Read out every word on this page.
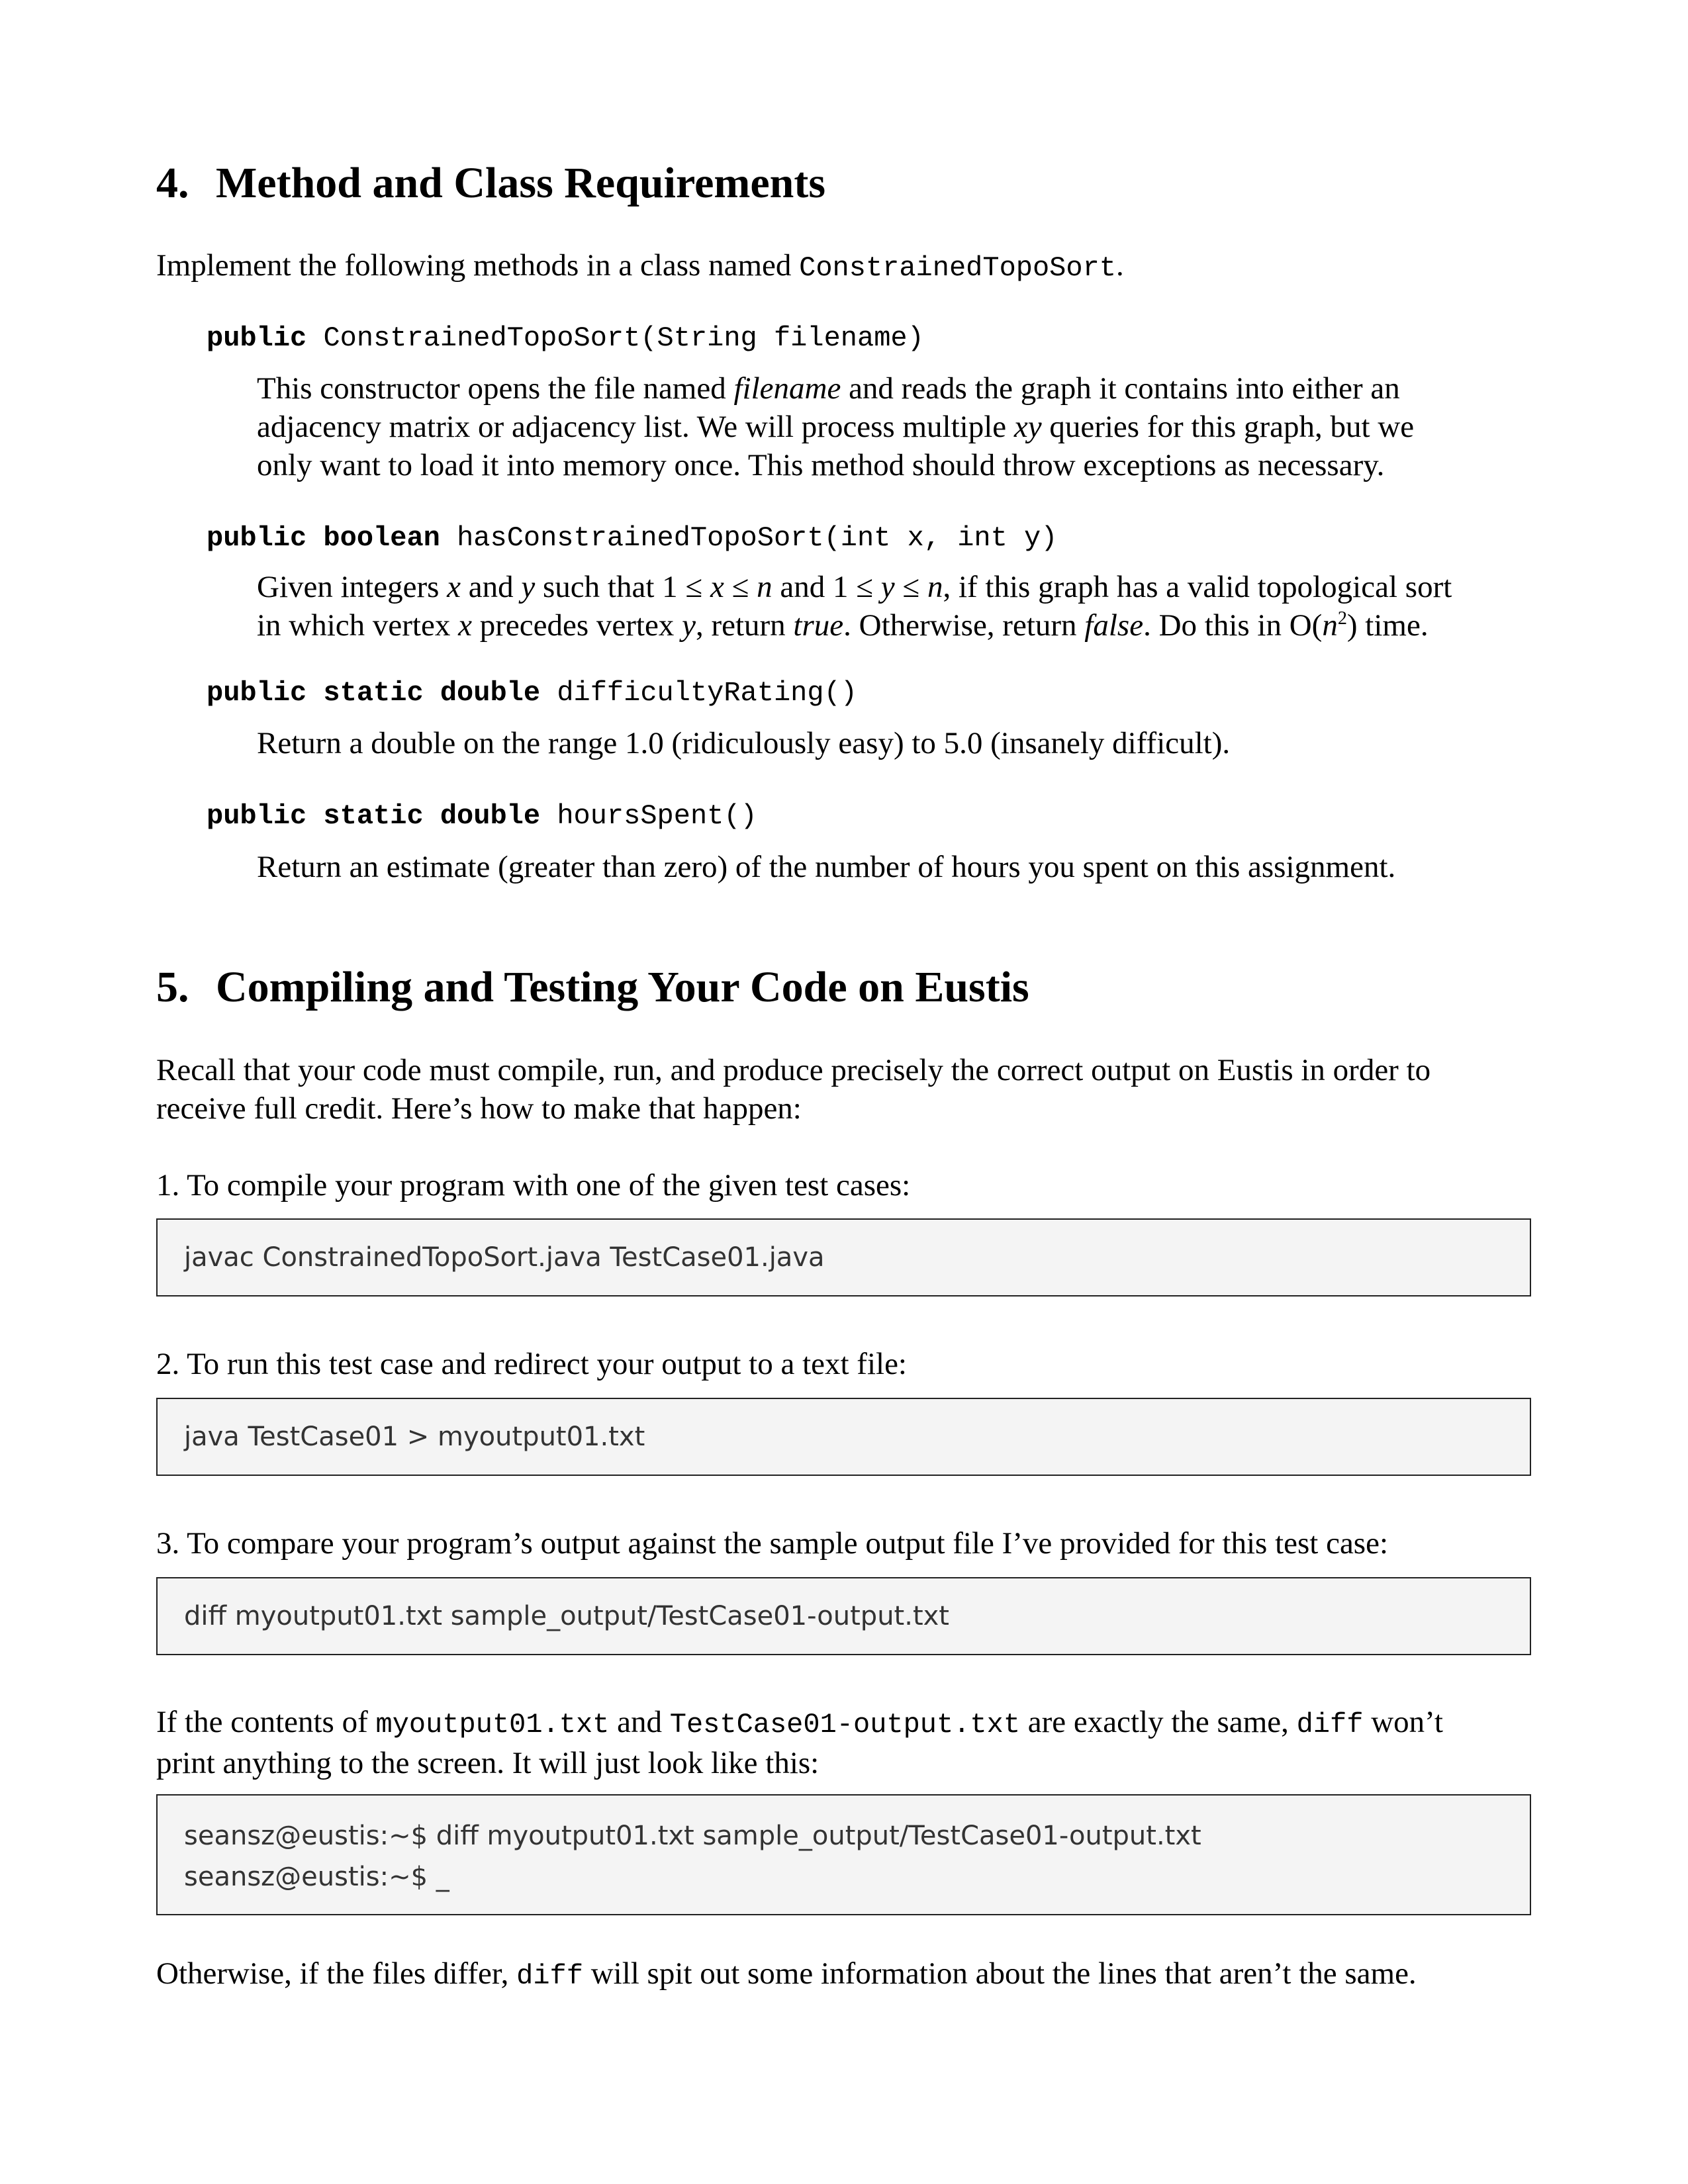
4. Method and Class Requirements
Implement the following methods in a class named ConstrainedTopoSort.
public ConstrainedTopoSort(String filename)
This constructor opens the file named filename and reads the graph it contains into either an
adjacency matrix or adjacency list. We will process multiple xy queries for this graph, but we
only want to load it into memory once. This method should throw exceptions as necessary.
public boolean hasConstrainedTopoSort(int x, int y)
Given integers x and y such that 1 ≤ x ≤ n and 1 ≤ y ≤ n, if this graph has a valid topological sort
in which vertex x precedes vertex y, return true. Otherwise, return false. Do this in $O(n^2)$ time.
public static double difficultyRating()
Return a double on the range 1.0 (ridiculously easy) to 5.0 (insanely difficult).
public static double hoursSpent()
Return an estimate (greater than zero) of the number of hours you spent on this assignment.
5. Compiling and Testing Your Code on Eustis
Recall that your code must compile, run, and produce precisely the correct output on Eustis in order to
receive full credit. Here’s how to make that happen:
1. To compile your program with one of the given test cases:
javac ConstrainedTopoSort.java TestCase01.java
2. To run this test case and redirect your output to a text file:
java TestCase01 > myoutput01.txt
3. To compare your program’s output against the sample output file I’ve provided for this test case:
diff myoutput01.txt sample_output/TestCase01-output.txt
If the contents of myoutput01.txt and TestCase01-output.txt are exactly the same, diff won’t
print anything to the screen. It will just look like this:
seansz@eustis:~$ diff myoutput01.txt sample_output/TestCase01-output.txt
seansz@eustis:~$ _
Otherwise, if the files differ, diff will spit out some information about the lines that aren’t the same.
